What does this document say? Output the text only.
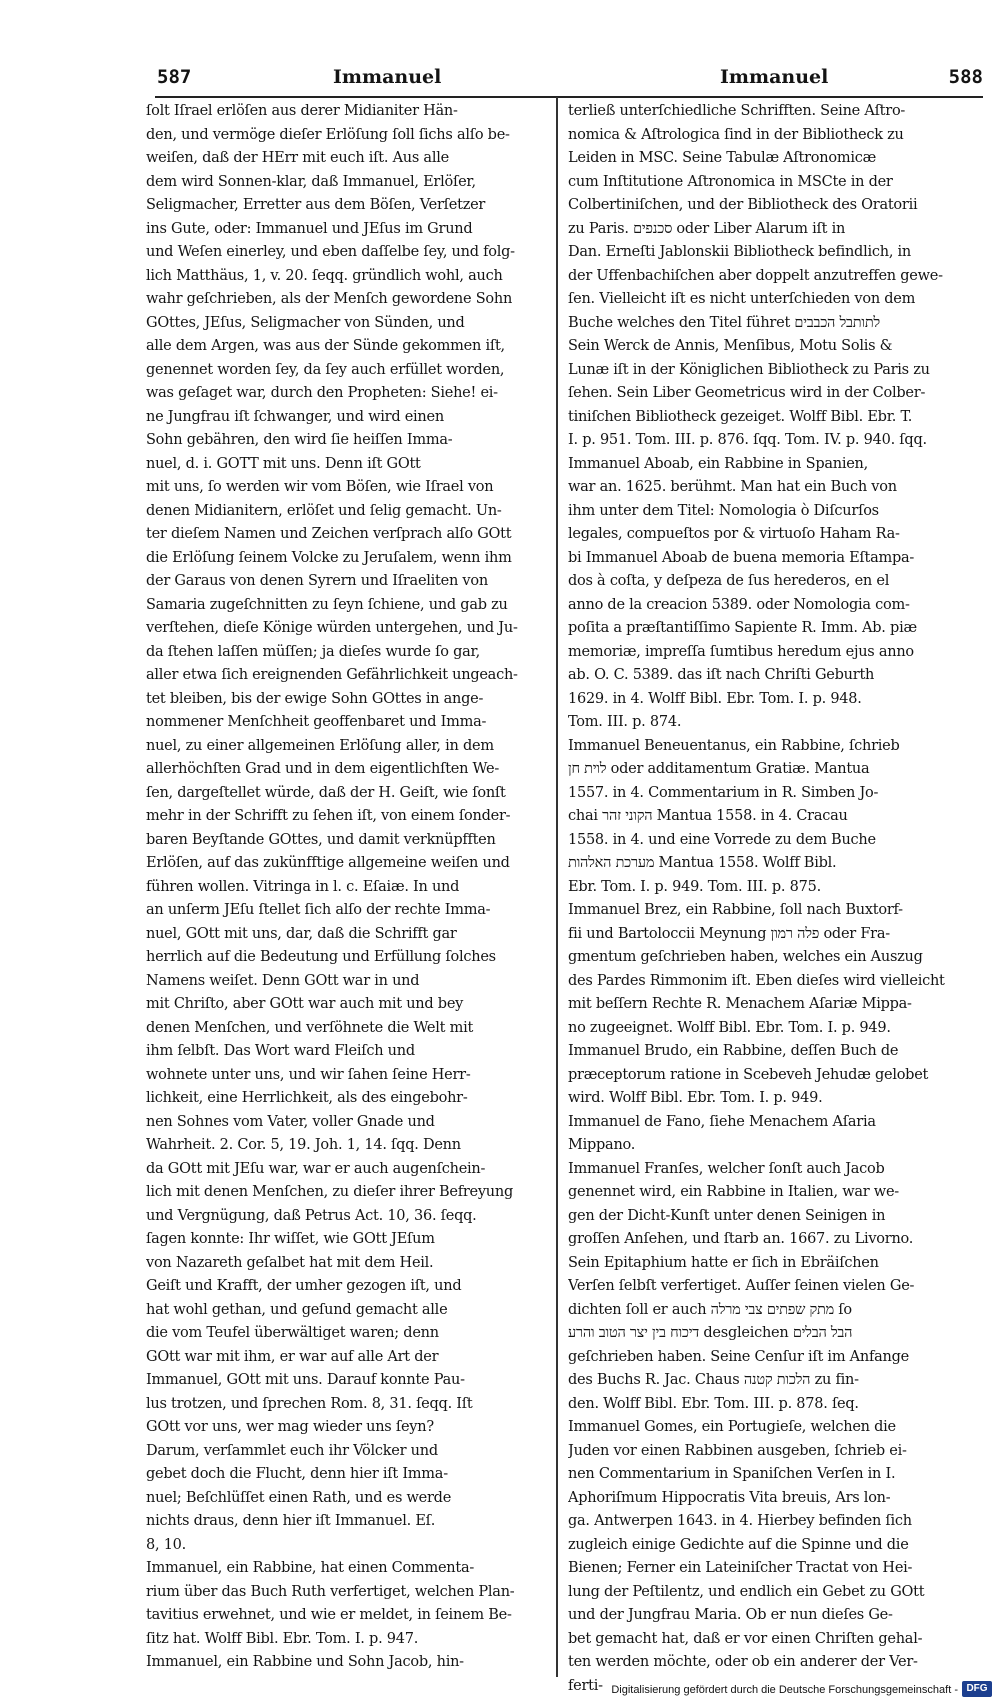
587	Immanuel	Immanuel	588
ſolt Iſrael erlöſen aus derer Midianiter Hän-
den, und vermöge dieſer Erlöſung ſoll ſichs alſo be-
weiſen, daß der HErr mit euch iſt. Aus alle
dem wird Sonnen-klar, daß Immanuel, Erlöſer,
Seligmacher, Erretter aus dem Böſen, Verſetzer
ins Gute, oder: Immanuel und JEſus im Grund
und Weſen einerley, und eben daſſelbe ſey, und folg-
lich Matthäus, 1, v. 20. ſeqq. gründlich wohl, auch
wahr geſchrieben, als der Menſch gewordene Sohn
GOttes, JEſus, Seligmacher von Sünden, und
alle dem Argen, was aus der Sünde gekommen iſt,
genennet worden ſey, da ſey auch erfüllet worden,
was geſaget war, durch den Propheten: Siehe! ei-
ne Jungfrau iſt ſchwanger, und wird einen
Sohn gebähren, den wird ſie heiſſen Imma-
nuel, d. i. GOTT mit uns. Denn iſt GOtt
mit uns, ſo werden wir vom Böſen, wie Iſrael von
denen Midianitern, erlöſet und ſelig gemacht. Un-
ter dieſem Namen und Zeichen verſprach alſo GOtt
die Erlöſung ſeinem Volcke zu Jeruſalem, wenn ihm
der Garaus von denen Syrern und Iſraeliten von
Samaria zugeſchnitten zu ſeyn ſchiene, und gab zu
verſtehen, dieſe Könige würden untergehen, und Ju-
da ſtehen laſſen müſſen; ja dieſes wurde ſo gar,
aller etwa ſich ereignenden Gefährlichkeit ungeach-
tet bleiben, bis der ewige Sohn GOttes in ange-
nommener Menſchheit geoffenbaret und Imma-
nuel, zu einer allgemeinen Erlöſung aller, in dem
allerhöchſten Grad und in dem eigentlichſten We-
ſen, dargeſtellet würde, daß der H. Geiſt, wie ſonſt
mehr in der Schrifft zu ſehen iſt, von einem ſonder-
baren Beyſtande GOttes, und damit verknüpfften
Erlöſen, auf das zukünfftige allgemeine weiſen und
führen wollen. Vitringa in l. c. Eſaiæ. In und
an unſerm JEſu ſtellet ſich alſo der rechte Imma-
nuel, GOtt mit uns, dar, daß die Schrifft gar
herrlich auf die Bedeutung und Erfüllung ſolches
Namens weiſet. Denn GOtt war in und
mit Chriſto, aber GOtt war auch mit und bey
denen Menſchen, und verſöhnete die Welt mit
ihm ſelbſt. Das Wort ward Fleiſch und
wohnete unter uns, und wir ſahen ſeine Herr-
lichkeit, eine Herrlichkeit, als des eingebohr-
nen Sohnes vom Vater, voller Gnade und
Wahrheit. 2. Cor. 5, 19. Joh. 1, 14. ſqq. Denn
da GOtt mit JEſu war, war er auch augenſchein-
lich mit denen Menſchen, zu dieſer ihrer Befreyung
und Vergnügung, daß Petrus Act. 10, 36. ſeqq.
ſagen konnte: Ihr wiſſet, wie GOtt JEſum
von Nazareth geſalbet hat mit dem Heil.
Geiſt und Krafft, der umher gezogen iſt, und
hat wohl gethan, und geſund gemacht alle
die vom Teufel überwältiget waren; denn
GOtt war mit ihm, er war auf alle Art der
Immanuel, GOtt mit uns. Darauf konnte Pau-
lus trotzen, und ſprechen Rom. 8, 31. ſeqq. Iſt
GOtt vor uns, wer mag wieder uns ſeyn?
Darum, verſammlet euch ihr Völcker und
gebet doch die Flucht, denn hier iſt Imma-
nuel; Beſchlüſſet einen Rath, und es werde
nichts draus, denn hier iſt Immanuel. Eſ.
8, 10.
Immanuel, ein Rabbine, hat einen Commenta-
rium über das Buch Ruth verfertiget, welchen Plan-
tavitius erwehnet, und wie er meldet, in ſeinem Be-
ſitz hat. Wolff Bibl. Ebr. Tom. I. p. 947.
Immanuel, ein Rabbine und Sohn Jacob, hin-
terließ unterſchiedliche Schrifften. Seine Aſtro-
nomica & Aſtrologica ſind in der Bibliotheck zu
Leiden in MSC. Seine Tabulæ Aſtronomicæ
cum Inſtitutione Aſtronomica in MSCte in der
Colbertiniſchen, und der Bibliotheck des Oratorii
zu Paris. סכנפים oder Liber Alarum iſt in
Dan. Erneſti Jablonskii Bibliotheck befindlich, in
der Uffenbachiſchen aber doppelt anzutreffen gewe-
ſen. Vielleicht iſt es nicht unterſchieden von dem
Buche welches den Titel führet לתותבל הכבבים
Sein Werck de Annis, Menſibus, Motu Solis &
Lunæ iſt in der Königlichen Bibliotheck zu Paris zu
ſehen. Sein Liber Geometricus wird in der Colber-
tiniſchen Bibliotheck gezeiget. Wolff Bibl. Ebr. T.
I. p. 951. Tom. III. p. 876. ſqq. Tom. IV. p. 940. ſqq.
Immanuel Aboab, ein Rabbine in Spanien,
war an. 1625. berühmt. Man hat ein Buch von
ihm unter dem Titel: Nomologia ò Diſcurſos
legales, compueſtos por & virtuoſo Haham Ra-
bi Immanuel Aboab de buena memoria Eſtampa-
dos à coſta, y deſpeza de ſus herederos, en el
anno de la creacion 5389. oder Nomologia com-
poſita a præſtantiſſimo Sapiente R. Imm. Ab. piæ
memoriæ, impreſſa ſumtibus heredum ejus anno
ab. O. C. 5389. das iſt nach Chriſti Geburth
1629. in 4. Wolff Bibl. Ebr. Tom. I. p. 948.
Tom. III. p. 874.
Immanuel Beneuentanus, ein Rabbine, ſchrieb
לוית חן oder additamentum Gratiæ. Mantua
1557. in 4. Commentarium in R. Simben Jo-
chai הקוני זהר Mantua 1558. in 4. Cracau
1558. in 4. und eine Vorrede zu dem Buche
מערכת האלהות Mantua 1558. Wolff Bibl.
Ebr. Tom. I. p. 949. Tom. III. p. 875.
Immanuel Brez, ein Rabbine, ſoll nach Buxtorf-
fii und Bartoloccii Meynung פלה רמון oder Fra-
gmentum geſchrieben haben, welches ein Auszug
des Pardes Rimmonim iſt. Eben dieſes wird vielleicht
mit beſſern Rechte R. Menachem Aſariæ Mippa-
no zugeeignet. Wolff Bibl. Ebr. Tom. I. p. 949.
Immanuel Brudo, ein Rabbine, deſſen Buch de
præceptorum ratione in Scebeveh Jehudæ gelobet
wird. Wolff Bibl. Ebr. Tom. I. p. 949.
Immanuel de Fano, ſiehe Menachem Aſaria
Mippano.
Immanuel Franſes, welcher ſonſt auch Jacob
genennet wird, ein Rabbine in Italien, war we-
gen der Dicht-Kunſt unter denen Seinigen in
groſſen Anſehen, und ſtarb an. 1667. zu Livorno.
Sein Epitaphium hatte er ſich in Ebräiſchen
Verſen ſelbſt verfertiget. Auſſer ſeinen vielen Ge-
dichten ſoll er auch מתק שפתים צבי מרלה ſo
דיכוח בין יצר הטוב והרע desgleichen הבל הבלים
geſchrieben haben. Seine Cenſur iſt im Anfange
des Buchs R. Jac. Chaus הלכות קטנה zu fin-
den. Wolff Bibl. Ebr. Tom. III. p. 878. ſeq.
Immanuel Gomes, ein Portugieſe, welchen die
Juden vor einen Rabbinen ausgeben, ſchrieb ei-
nen Commentarium in Spaniſchen Verſen in I.
Aphoriſmum Hippocratis Vita breuis, Ars lon-
ga. Antwerpen 1643. in 4. Hierbey befinden ſich
zugleich einige Gedichte auf die Spinne und die
Bienen; Ferner ein Lateiniſcher Tractat von Hei-
lung der Peſtilentz, und endlich ein Gebet zu GOtt
und der Jungfrau Maria. Ob er nun dieſes Ge-
bet gemacht hat, daß er vor einen Chriſten gehal-
ten werden möchte, oder ob ein anderer der Ver-
ferti- Digitalisierung gefördert durch die Deutsche Forschungsgemeinschaft - DFG
